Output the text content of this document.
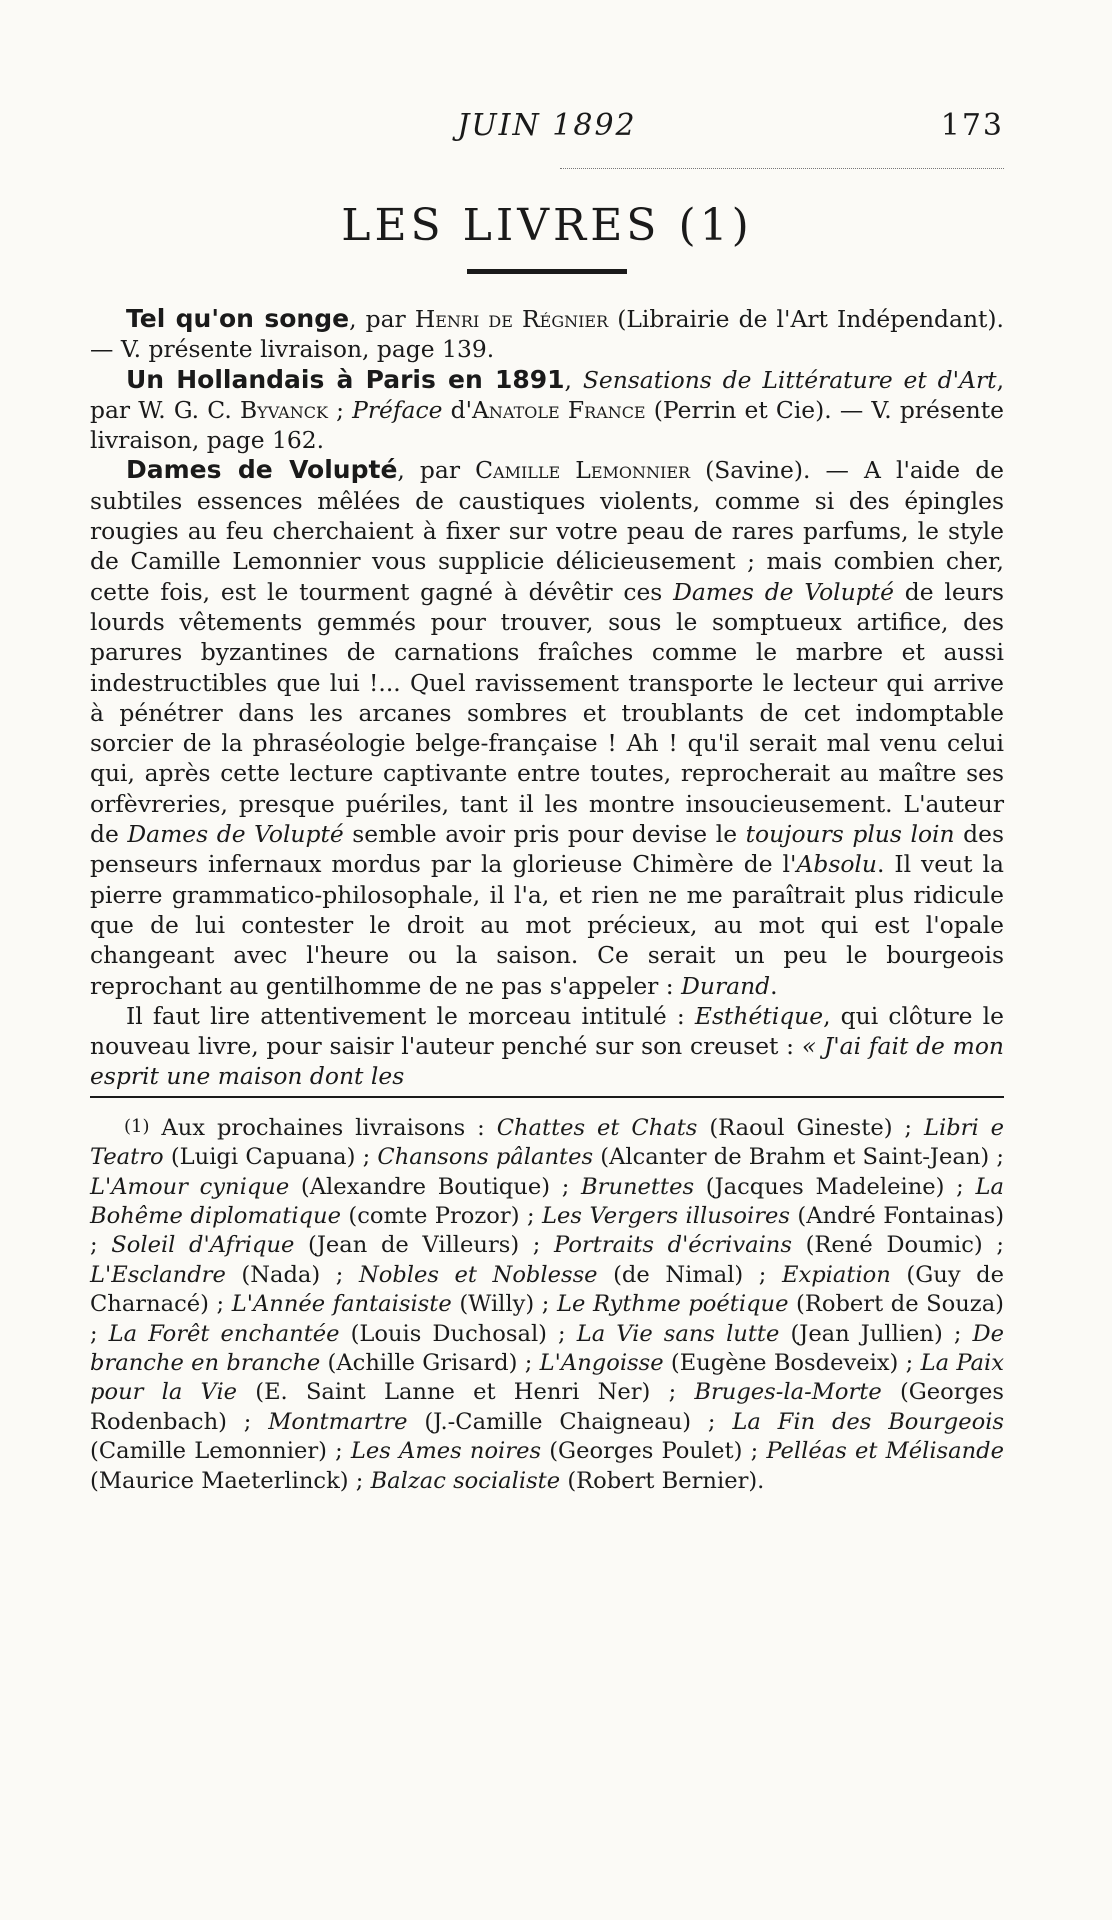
JUIN 1892	173
LES LIVRES (1)

Tel qu'on songe, par Henri de Régnier (Librairie de l'Art Indépendant). — V. présente livraison, page 139.

Un Hollandais à Paris en 1891, Sensations de Littérature et d'Art, par W. G. C. Byvanck ; Préface d'Anatole France (Perrin et Cie). — V. présente livraison, page 162.

Dames de Volupté, par Camille Lemonnier (Savine). — A l'aide de subtiles essences mêlées de caustiques violents, comme si des épingles rougies au feu cherchaient à fixer sur votre peau de rares parfums, le style de Camille Lemonnier vous supplicie délicieusement ; mais combien cher, cette fois, est le tourment gagné à dévêtir ces Dames de Volupté de leurs lourds vêtements gemmés pour trouver, sous le somptueux artifice, des parures byzantines de carnations fraîches comme le marbre et aussi indestructibles que lui !... Quel ravissement transporte le lecteur qui arrive à pénétrer dans les arcanes sombres et troublants de cet indomptable sorcier de la phraséologie belge-française ! Ah ! qu'il serait mal venu celui qui, après cette lecture captivante entre toutes, reprocherait au maître ses orfèvreries, presque puériles, tant il les montre insoucieusement. L'auteur de Dames de Volupté semble avoir pris pour devise le toujours plus loin des penseurs infernaux mordus par la glorieuse Chimère de l'Absolu. Il veut la pierre grammatico-philosophale, il l'a, et rien ne me paraîtrait plus ridicule que de lui contester le droit au mot précieux, au mot qui est l'opale changeant avec l'heure ou la saison. Ce serait un peu le bourgeois reprochant au gentilhomme de ne pas s'appeler : Durand.

Il faut lire attentivement le morceau intitulé : Esthétique, qui clôture le nouveau livre, pour saisir l'auteur penché sur son creuset : « J'ai fait de mon esprit une maison dont les

(1) Aux prochaines livraisons : Chattes et Chats (Raoul Gineste) ; Libri e Teatro (Luigi Capuana) ; Chansons pâlantes (Alcanter de Brahm et Saint-Jean) ; L'Amour cynique (Alexandre Boutique) ; Brunettes (Jacques Madeleine) ; La Bohême diplomatique (comte Prozor) ; Les Vergers illusoires (André Fontainas) ; Soleil d'Afrique (Jean de Villeurs) ; Portraits d'écrivains (René Doumic) ; L'Esclandre (Nada) ; Nobles et Noblesse (de Nimal) ; Expiation (Guy de Charnacé) ; L'Année fantaisiste (Willy) ; Le Rythme poétique (Robert de Souza) ; La Forêt enchantée (Louis Duchosal) ; La Vie sans lutte (Jean Jullien) ; De branche en branche (Achille Grisard) ; L'Angoisse (Eugène Bosdeveix) ; La Paix pour la Vie (E. Saint Lanne et Henri Ner) ; Bruges-la-Morte (Georges Rodenbach) ; Montmartre (J.-Camille Chaigneau) ; La Fin des Bourgeois (Camille Lemonnier) ; Les Ames noires (Georges Poulet) ; Pelléas et Mélisande (Maurice Maeterlinck) ; Balzac socialiste (Robert Bernier).
